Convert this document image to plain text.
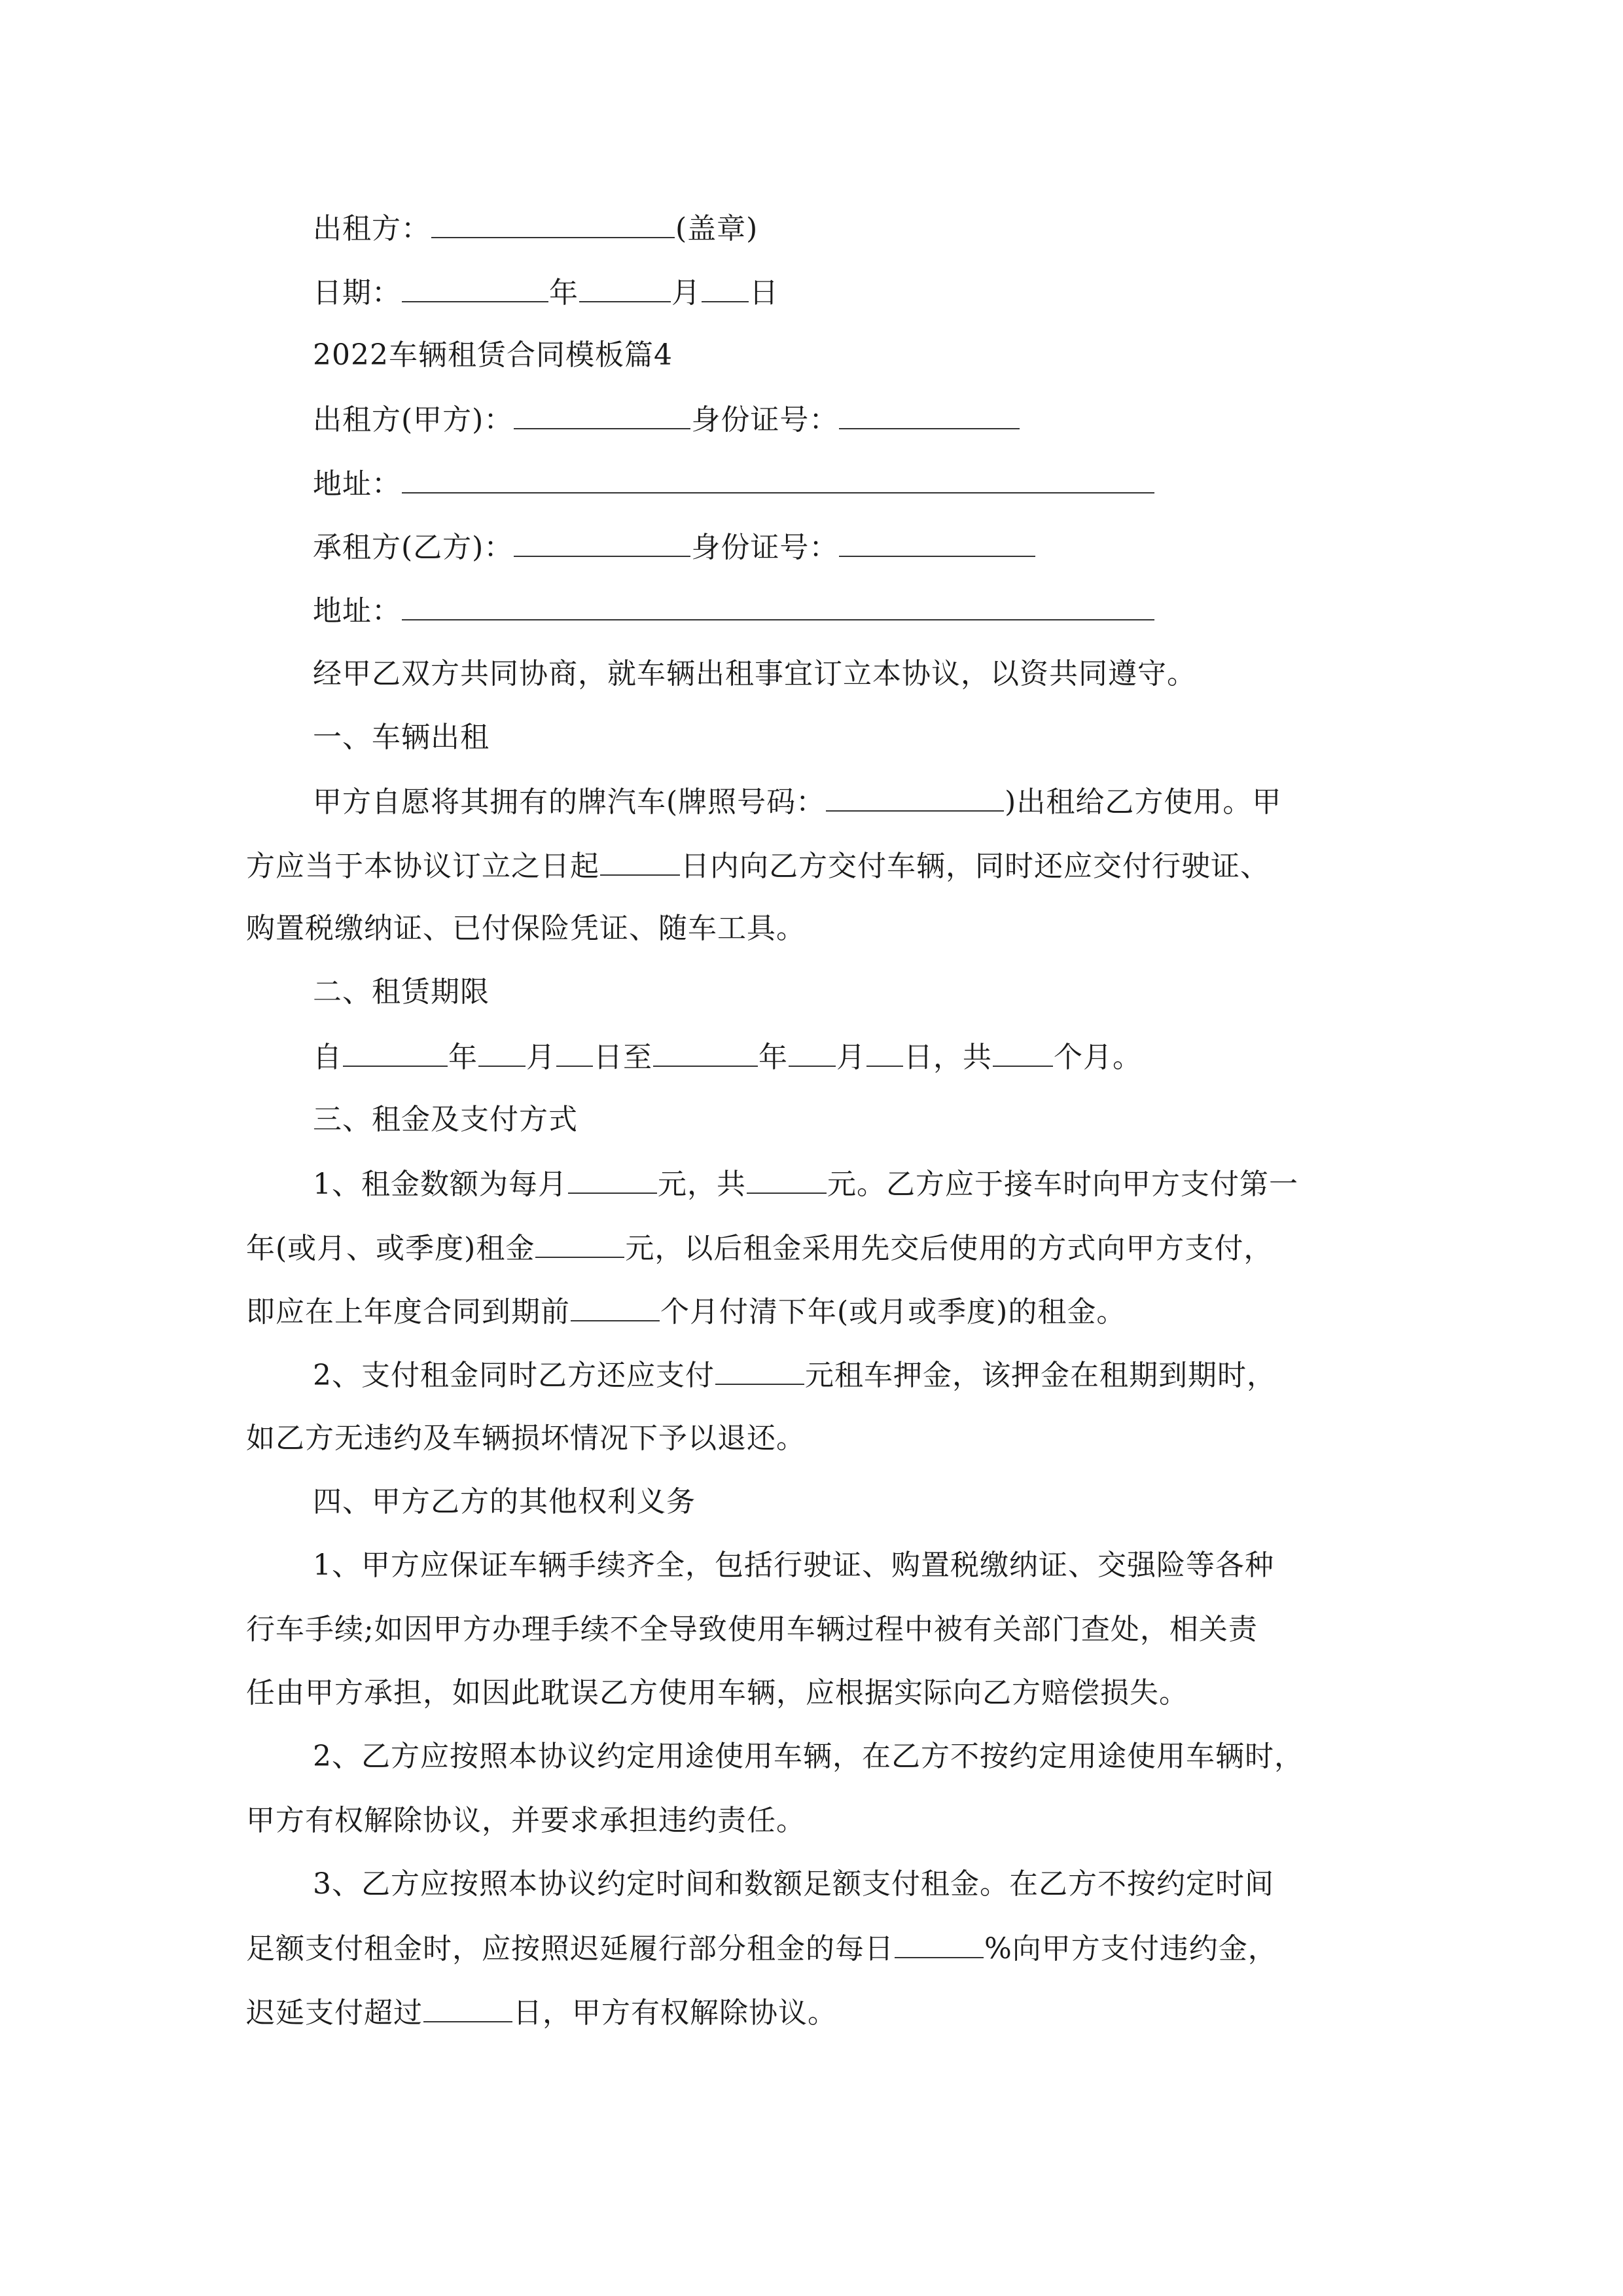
出租方：	(盖章)
日期：	年	月 日
2022车辆租赁合同模板篇4
出租方(甲方)：	身份证号：
地址：
承租方(乙方)：	身份证号：
地址：
经甲乙双方共同协商，就车辆出租事宜订立本协议，以资共同遵守。
一、车辆出租
甲方自愿将其拥有的牌汽车(牌照号码：	)出租给乙方使用。甲
方应当于本协议订立之日起	日内向乙方交付车辆，同时还应交付行驶证、
购置税缴纳证、已付保险凭证、随车工具。
二、租赁期限
自	年 月 日至	年 月 日，共 个月。
三、租金及支付方式
1、租金数额为每月	元，共	元。乙方应于接车时向甲方支付第一
年(或月、或季度)租金	元，以后租金采用先交后使用的方式向甲方支付，
即应在上年度合同到期前	个月付清下年(或月或季度)的租金。
2、支付租金同时乙方还应支付	元租车押金，该押金在租期到期时，
如乙方无违约及车辆损坏情况下予以退还。
四、甲方乙方的其他权利义务
1、甲方应保证车辆手续齐全，包括行驶证、购置税缴纳证、交强险等各种
行车手续;如因甲方办理手续不全导致使用车辆过程中被有关部门查处，相关责
任由甲方承担，如因此耽误乙方使用车辆，应根据实际向乙方赔偿损失。
2、乙方应按照本协议约定用途使用车辆，在乙方不按约定用途使用车辆时，
甲方有权解除协议，并要求承担违约责任。
3、乙方应按照本协议约定时间和数额足额支付租金。在乙方不按约定时间
足额支付租金时，应按照迟延履行部分租金的每日	%向甲方支付违约金，
迟延支付超过	日，甲方有权解除协议。
